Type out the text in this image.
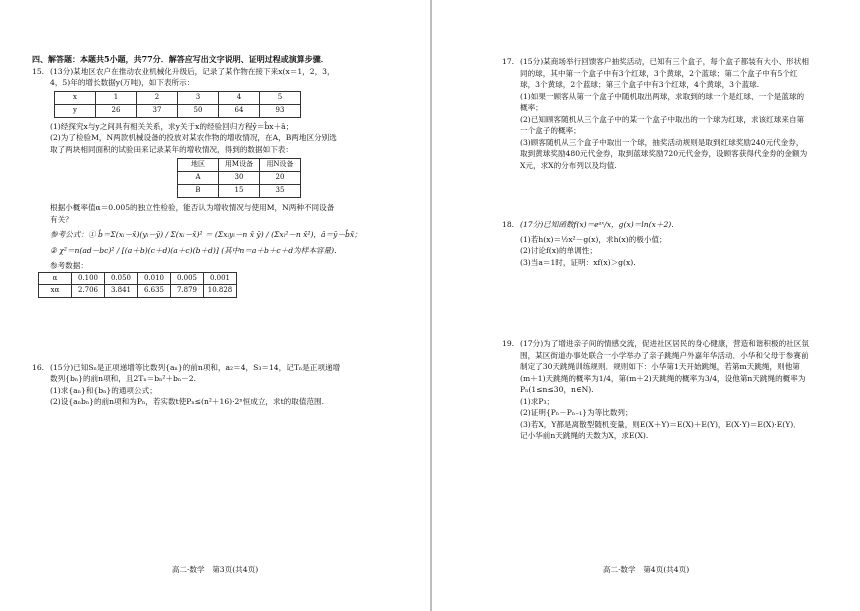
四、解答题：本题共5小题，共77分．解答应写出文字说明、证明过程或演算步骤．

15. (13分)某地区农户在推动农业机械化升级后，记录了某作物在接下来x(x＝1，2，3，

4，5)年的增长数据y(万吨)，如下表所示：

x	1	2	3	4	5
y	26	37	50	64	93

(1)经探究x与y之间具有相关关系，求y关于x的经验回归方程ŷ＝b̂x＋â；

(2)为了检验M，N两款机械设备的投放对某农作物的增收情况，在A，B两地区分别选

取了两块相同面积的试验田来记录某年的增收情况，得到的数据如下表：

地区	用M设备	用N设备
A	30	20
B	15	35

根据小概率值α＝0.005的独立性检验，能否认为增收情况与使用M，N两种不同设备

有关？

参考公式：① b̂＝Σ(xᵢ－x̄)(yᵢ－ȳ) / Σ(xᵢ－x̄)² ＝ (Σxᵢyᵢ－n x̄ ȳ) / (Σxᵢ²－n x̄²)，â＝ȳ－b̂x̄；

② χ²＝n(ad－bc)² / [(a＋b)(c＋d)(a＋c)(b＋d)] (其中n＝a＋b＋c＋d为样本容量)．

参考数据：

α	0.100	0.050	0.010	0.005	0.001
xα	2.706	3.841	6.635	7.879	10.828

16. (15分)已知Sₙ是正项递增等比数列{aₙ}的前n项和，a₂＝4，S₃＝14，记Tₙ是正项递增

数列{bₙ}的前n项和，且2Tₙ＝bₙ²＋bₙ－2.

(1)求{aₙ}和{bₙ}的通项公式；

(2)设{aₙbₙ}的前n项和为Pₙ，若实数t使Pₙ≤(n²＋16)·2ⁿ恒成立，求t的取值范围.

高二·数学　第3页(共4页)

17. (15分)某商场举行回馈客户抽奖活动，已知有三个盒子，每个盒子都装有大小、形状相

同的球，其中第一个盒子中有3个红球，3个黄球，2个蓝球；第二个盒子中有5个红

球，3个黄球，2个蓝球；第三个盒子中有3个红球，4个黄球，3个蓝球.

(1)如果一顾客从第一个盒子中随机取出两球，求取到的球一个是红球、一个是蓝球的

概率；

(2)已知顾客随机从三个盒子中的某一个盒子中取出的一个球为红球，求该红球来自第

一个盒子的概率；

(3)顾客随机从三个盒子中取出一个球，抽奖活动规则是取到红球奖励240元代金券，

取到黄球奖励480元代金券，取到蓝球奖励720元代金券，设顾客获得代金券的金额为

X元，求X的分布列以及均值.

18. (17分)已知函数f(x)＝eᵃˣ/x，g(x)＝ln(x＋2).

(1)若h(x)＝½x²－g(x)，求h(x)的极小值；

(2)讨论f(x)的单调性；

(3)当a＝1时，证明：xf(x)＞g(x).

19. (17分)为了增进亲子间的情感交流，促进社区居民的身心健康，营造和谐积极的社区氛

围，某区街道办事处联合一小学举办了亲子跳绳户外嘉年华活动．小华和父母于参赛前

制定了30天跳绳训练规则．规则如下：小华第1天开始跳绳，若第m天跳绳，则他第

(m＋1)天跳绳的概率为1/4，第(m＋2)天跳绳的概率为3/4，设他第n天跳绳的概率为

Pₙ(1≤n≤30，n∈N).

(1)求P₃；

(2)证明{Pₙ－Pₙ₋₁}为等比数列；

(3)若X，Y都是离散型随机变量，则E(X＋Y)＝E(X)＋E(Y)，E(X·Y)＝E(X)·E(Y)．

记小华前n天跳绳的天数为X，求E(X).

高二·数学　第4页(共4页)
